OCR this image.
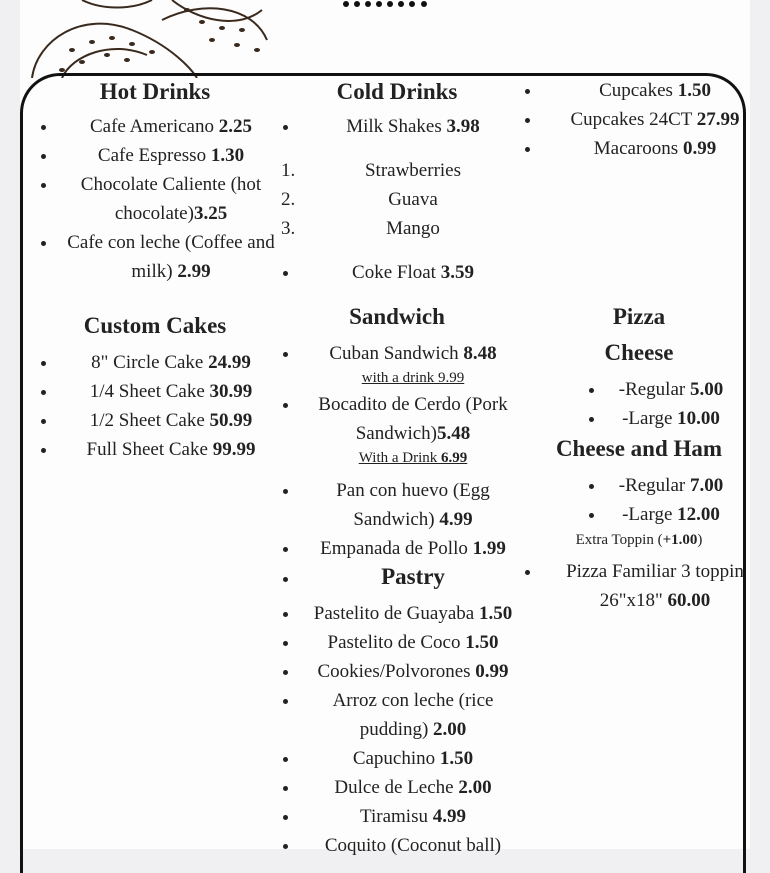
Hot Drinks
• Cafe Americano 2.25
• Cafe Espresso 1.30
• Chocolate Caliente (hot chocolate)3.25
• Cafe con leche (Coffee and milk) 2.99
Custom Cakes
• 8" Circle Cake 24.99
• 1/4 Sheet Cake 30.99
• 1/2 Sheet Cake 50.99
• Full Sheet Cake 99.99
Cold Drinks
• Milk Shakes 3.98
1. Strawberries
2. Guava
3. Mango
• Coke Float 3.59
Sandwich
• Cuban Sandwich 8.48
with a drink 9.99
• Bocadito de Cerdo (Pork Sandwich)5.48
With a Drink 6.99
• Pan con huevo (Egg Sandwich) 4.99
• Empanada de Pollo 1.99
• Pastry
• Pastelito de Guayaba 1.50
• Pastelito de Coco 1.50
• Cookies/Polvorones 0.99
• Arroz con leche (rice pudding) 2.00
• Capuchino 1.50
• Dulce de Leche 2.00
• Tiramisu 4.99
• Coquito (Coconut ball)
• Cupcakes 1.50
• Cupcakes 24CT 27.99
• Macaroons 0.99
Pizza
Cheese
• -Regular 5.00
• -Large 10.00
Cheese and Ham
• -Regular 7.00
• -Large 12.00
Extra Toppin (+1.00)
• Pizza Familiar 3 toppin 26"x18" 60.00
